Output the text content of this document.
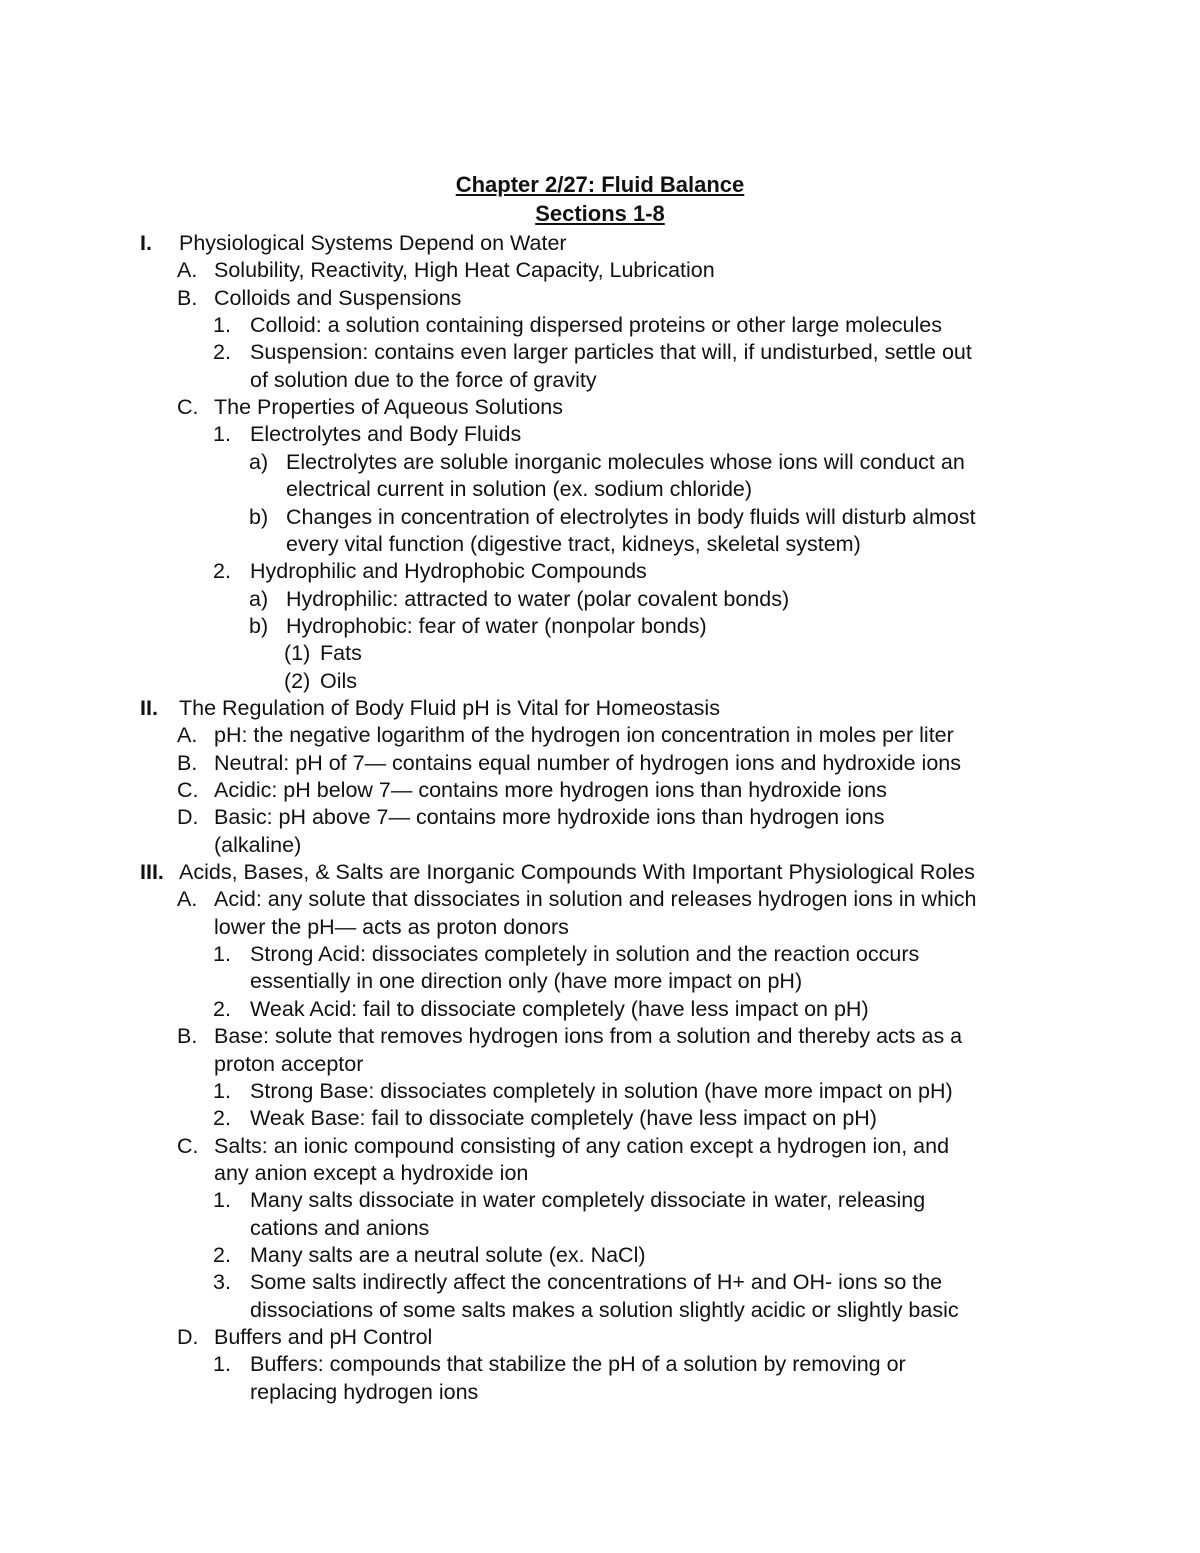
Chapter 2/27: Fluid Balance
Sections 1-8
I. Physiological Systems Depend on Water
A. Solubility, Reactivity, High Heat Capacity, Lubrication
B. Colloids and Suspensions
1. Colloid: a solution containing dispersed proteins or other large molecules
2. Suspension: contains even larger particles that will, if undisturbed, settle out
of solution due to the force of gravity
C. The Properties of Aqueous Solutions
1. Electrolytes and Body Fluids
a) Electrolytes are soluble inorganic molecules whose ions will conduct an
electrical current in solution (ex. sodium chloride)
b) Changes in concentration of electrolytes in body fluids will disturb almost
every vital function (digestive tract, kidneys, skeletal system)
2. Hydrophilic and Hydrophobic Compounds
a) Hydrophilic: attracted to water (polar covalent bonds)
b) Hydrophobic: fear of water (nonpolar bonds)
(1) Fats
(2) Oils
II. The Regulation of Body Fluid pH is Vital for Homeostasis
A. pH: the negative logarithm of the hydrogen ion concentration in moles per liter
B. Neutral: pH of 7— contains equal number of hydrogen ions and hydroxide ions
C. Acidic: pH below 7— contains more hydrogen ions than hydroxide ions
D. Basic: pH above 7— contains more hydroxide ions than hydrogen ions
(alkaline)
III. Acids, Bases, & Salts are Inorganic Compounds With Important Physiological Roles
A. Acid: any solute that dissociates in solution and releases hydrogen ions in which
lower the pH— acts as proton donors
1. Strong Acid: dissociates completely in solution and the reaction occurs
essentially in one direction only (have more impact on pH)
2. Weak Acid: fail to dissociate completely (have less impact on pH)
B. Base: solute that removes hydrogen ions from a solution and thereby acts as a
proton acceptor
1. Strong Base: dissociates completely in solution (have more impact on pH)
2. Weak Base: fail to dissociate completely (have less impact on pH)
C. Salts: an ionic compound consisting of any cation except a hydrogen ion, and
any anion except a hydroxide ion
1. Many salts dissociate in water completely dissociate in water, releasing
cations and anions
2. Many salts are a neutral solute (ex. NaCl)
3. Some salts indirectly affect the concentrations of H+ and OH- ions so the
dissociations of some salts makes a solution slightly acidic or slightly basic
D. Buffers and pH Control
1. Buffers: compounds that stabilize the pH of a solution by removing or
replacing hydrogen ions
